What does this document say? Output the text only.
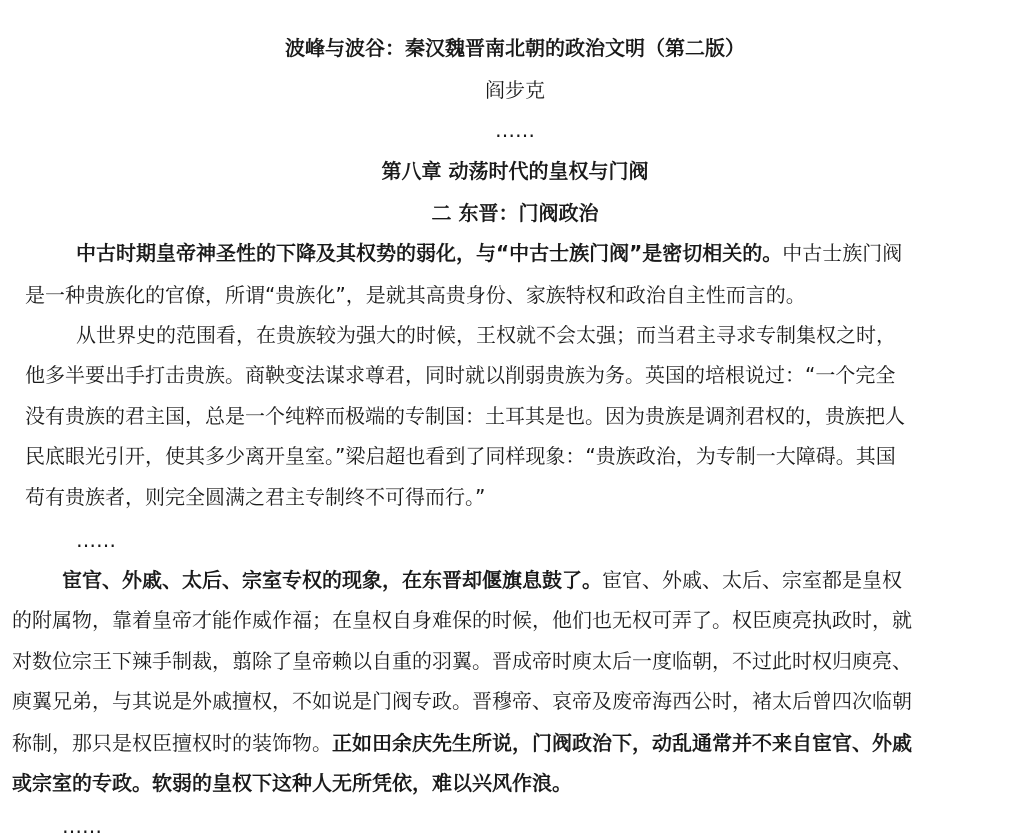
波峰与波谷：秦汉魏晋南北朝的政治文明（第二版）
阎步克
……
第八章 动荡时代的皇权与门阀
二 东晋：门阀政治
中古时期皇帝神圣性的下降及其权势的弱化，与“中古士族门阀”是密切相关的。中古士族门阀
是一种贵族化的官僚，所谓“贵族化”，是就其高贵身份、家族特权和政治自主性而言的。
从世界史的范围看，在贵族较为强大的时候，王权就不会太强；而当君主寻求专制集权之时，
他多半要出手打击贵族。商鞅变法谋求尊君，同时就以削弱贵族为务。英国的培根说过：“一个完全
没有贵族的君主国，总是一个纯粹而极端的专制国：土耳其是也。因为贵族是调剂君权的，贵族把人
民底眼光引开，使其多少离开皇室。”梁启超也看到了同样现象：“贵族政治，为专制一大障碍。其国
苟有贵族者，则完全圆满之君主专制终不可得而行。”
……
宦官、外戚、太后、宗室专权的现象，在东晋却偃旗息鼓了。宦官、外戚、太后、宗室都是皇权
的附属物，靠着皇帝才能作威作福；在皇权自身难保的时候，他们也无权可弄了。权臣庾亮执政时，就
对数位宗王下辣手制裁，翦除了皇帝赖以自重的羽翼。晋成帝时庾太后一度临朝，不过此时权归庾亮、
庾翼兄弟，与其说是外戚擅权，不如说是门阀专政。晋穆帝、哀帝及废帝海西公时，褚太后曾四次临朝
称制，那只是权臣擅权时的装饰物。正如田余庆先生所说，门阀政治下，动乱通常并不来自宦官、外戚
或宗室的专政。软弱的皇权下这种人无所凭依，难以兴风作浪。
……
